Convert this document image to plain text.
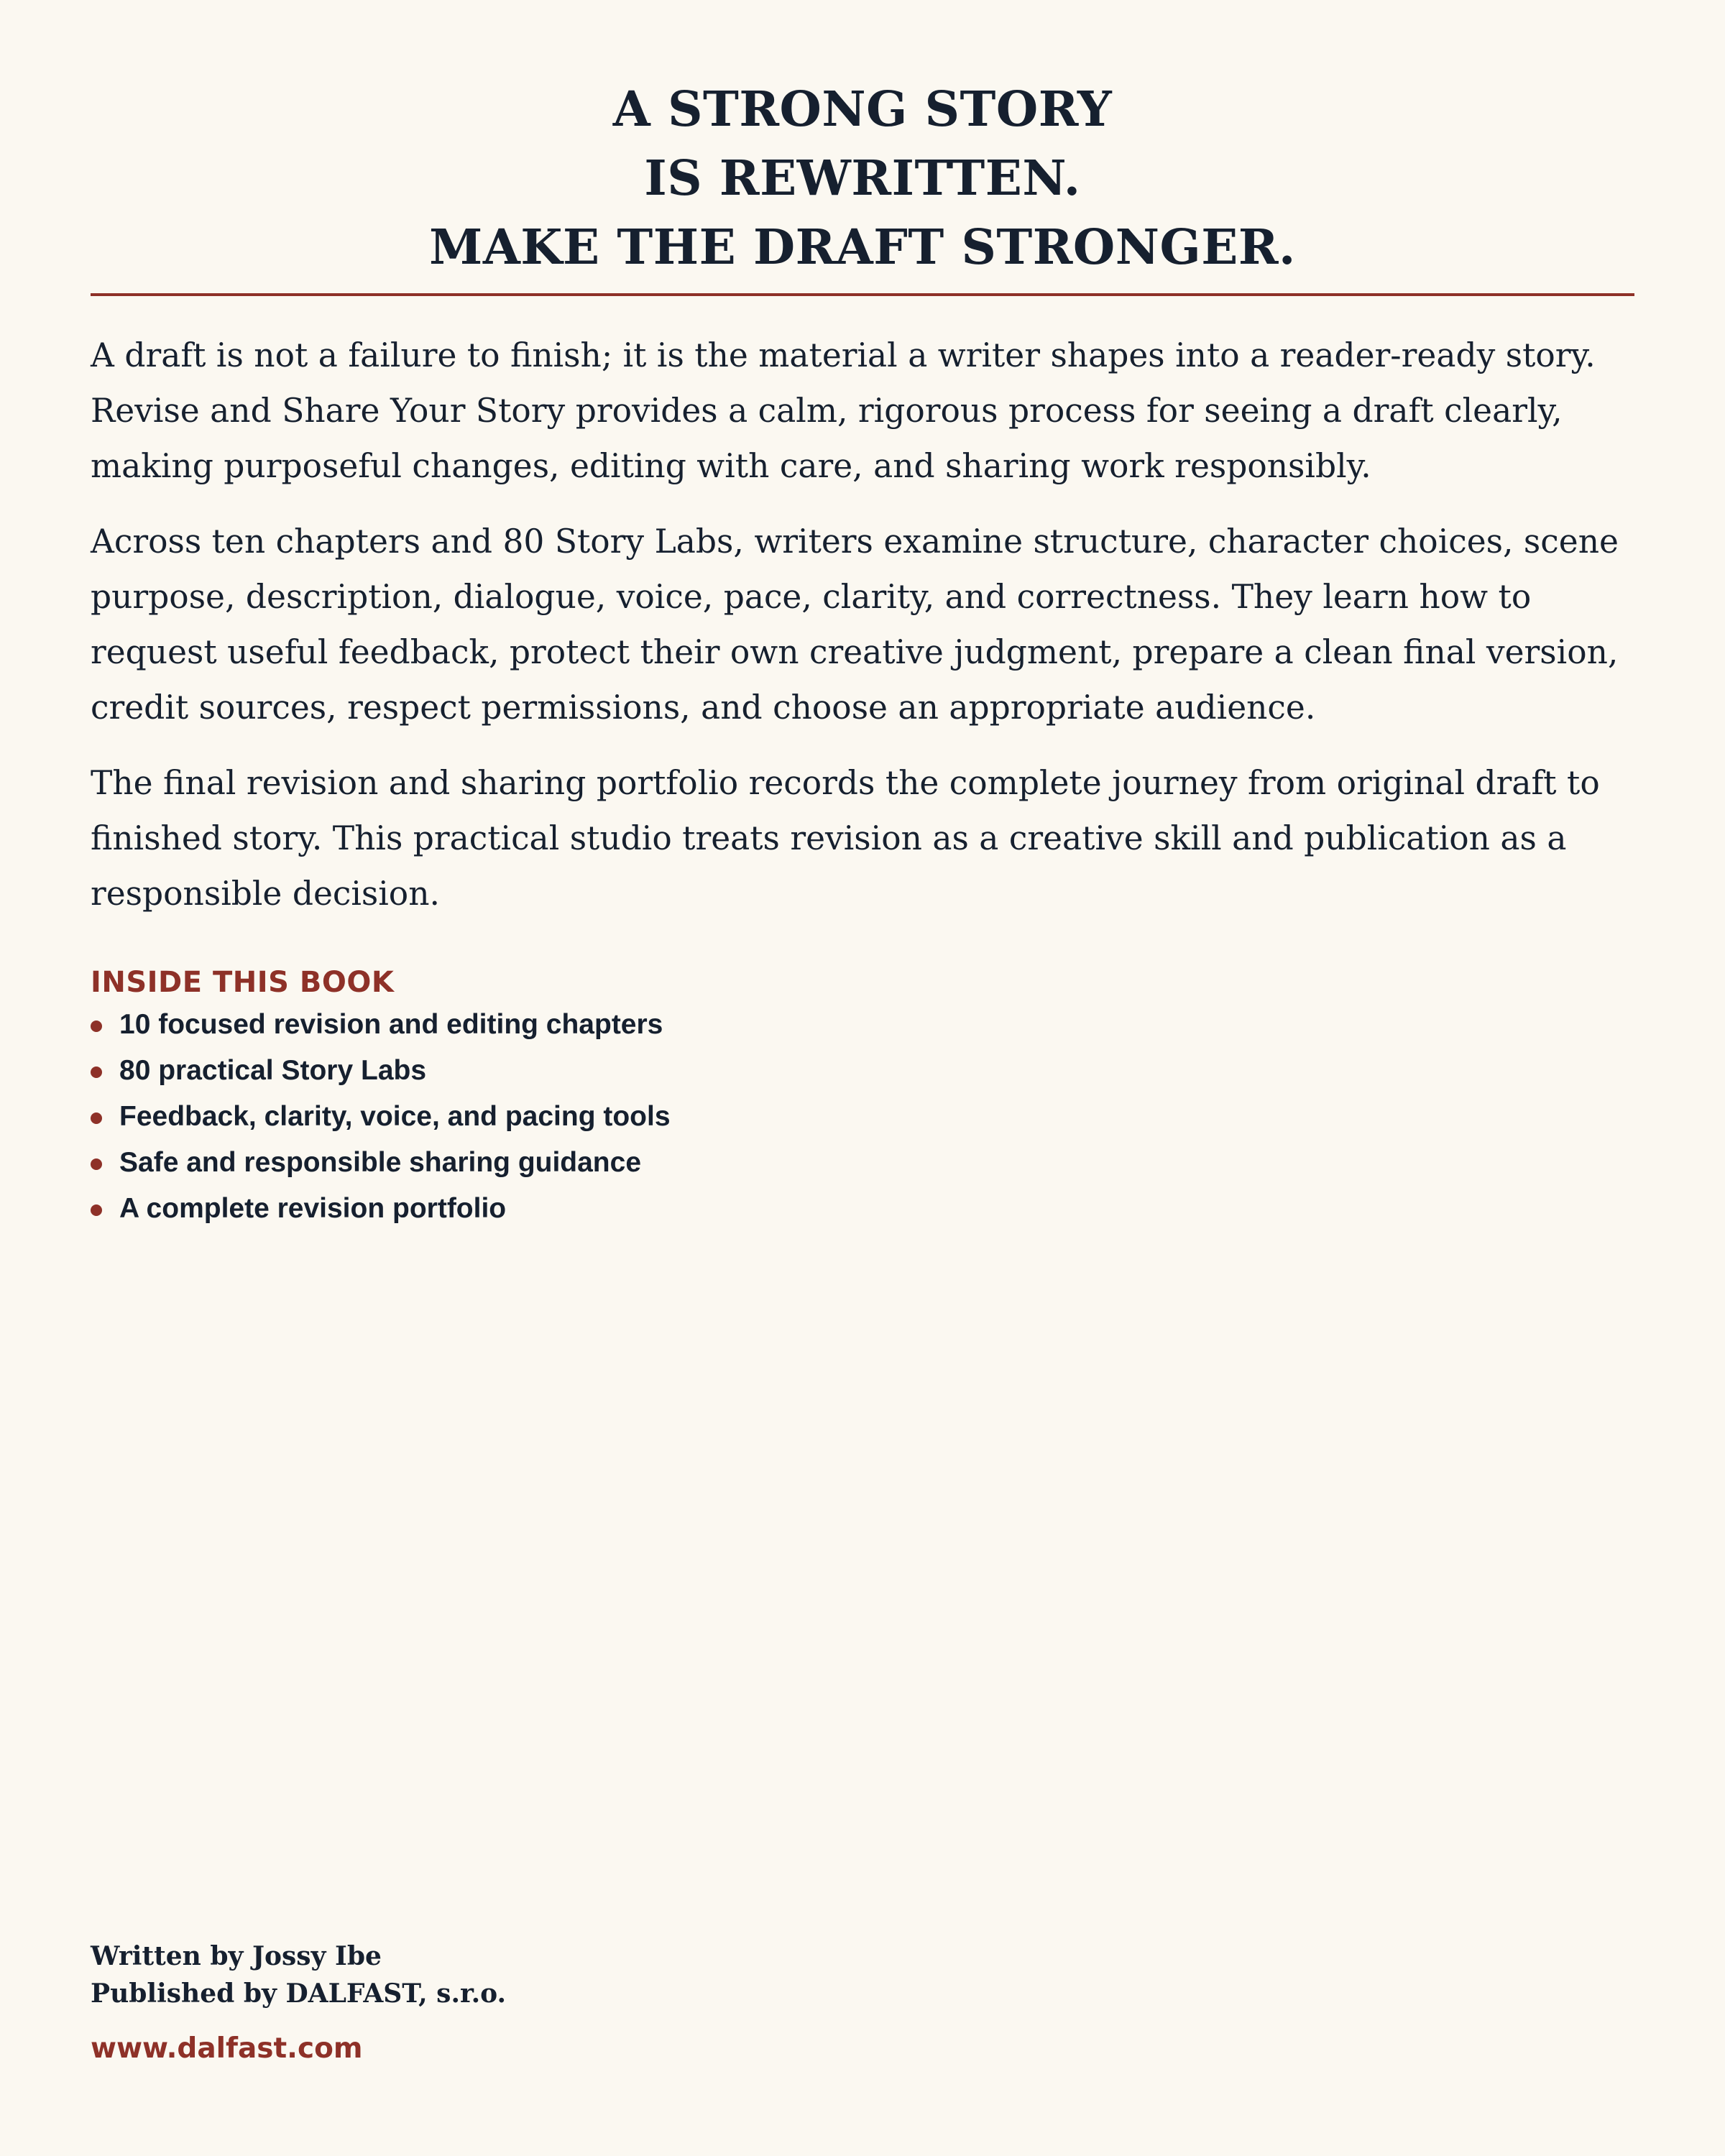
A STRONG STORY
IS REWRITTEN.
MAKE THE DRAFT STRONGER.

A draft is not a failure to finish; it is the material a writer shapes into a reader-ready story. Revise and Share Your Story provides a calm, rigorous process for seeing a draft clearly, making purposeful changes, editing with care, and sharing work responsibly.

Across ten chapters and 80 Story Labs, writers examine structure, character choices, scene purpose, description, dialogue, voice, pace, clarity, and correctness. They learn how to request useful feedback, protect their own creative judgment, prepare a clean final version, credit sources, respect permissions, and choose an appropriate audience.

The final revision and sharing portfolio records the complete journey from original draft to finished story. This practical studio treats revision as a creative skill and publication as a responsible decision.

INSIDE THIS BOOK
10 focused revision and editing chapters
80 practical Story Labs
Feedback, clarity, voice, and pacing tools
Safe and responsible sharing guidance
A complete revision portfolio

Written by Jossy Ibe

Published by DALFAST, s.r.o.

www.dalfast.com
